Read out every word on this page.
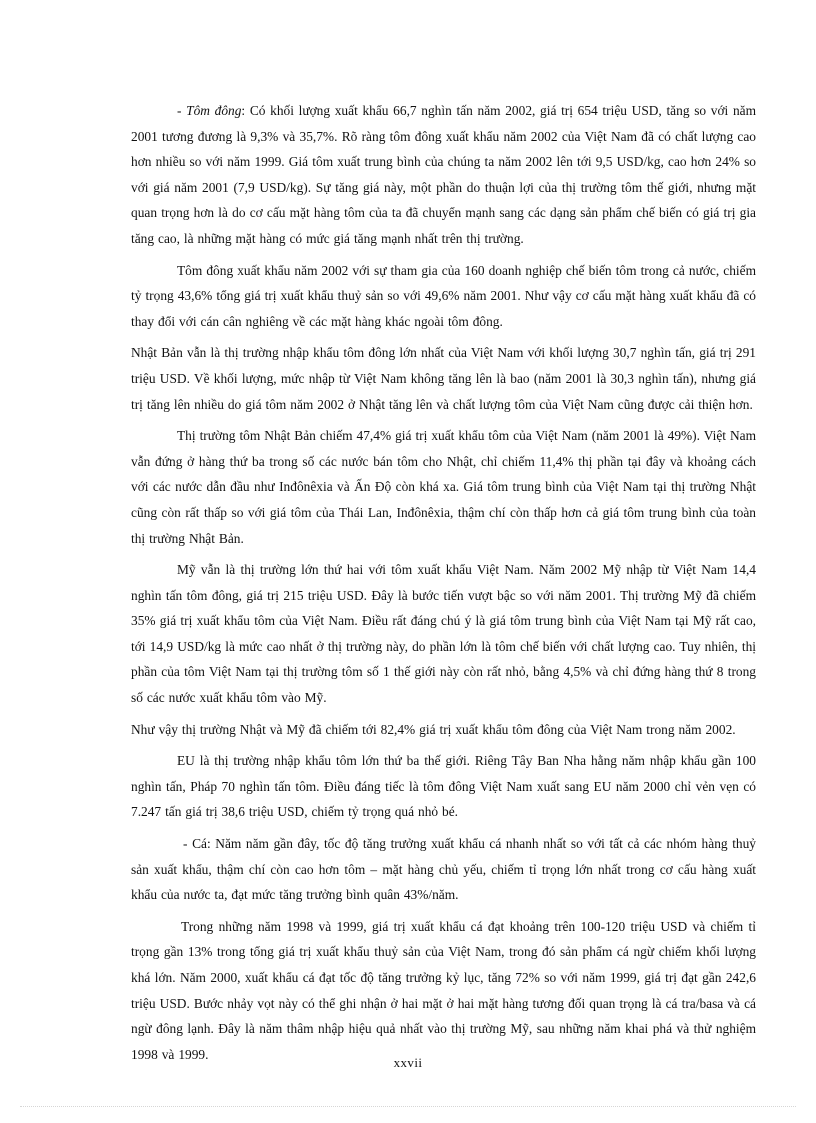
- Tôm đông: Có khối lượng xuất khẩu 66,7 nghìn tấn năm 2002, giá trị 654 triệu USD, tăng so với năm 2001 tương đương là 9,3% và 35,7%. Rõ ràng tôm đông xuất khẩu năm 2002 của Việt Nam đã có chất lượng cao hơn nhiều so với năm 1999. Giá tôm xuất trung bình của chúng ta năm 2002 lên tới 9,5 USD/kg, cao hơn 24% so với giá năm 2001 (7,9 USD/kg). Sự tăng giá này, một phần do thuận lợi của thị trường tôm thế giới, nhưng mặt quan trọng hơn là do cơ cấu mặt hàng tôm của ta đã chuyển mạnh sang các dạng sản phẩm chế biến có giá trị gia tăng cao, là những mặt hàng có mức giá tăng mạnh nhất trên thị trường.

Tôm đông xuất khẩu năm 2002 với sự tham gia của 160 doanh nghiệp chế biến tôm trong cả nước, chiếm tỷ trọng 43,6% tổng giá trị xuất khẩu thuỷ sản so với 49,6% năm 2001. Như vậy cơ cấu mặt hàng xuất khẩu đã có thay đổi với cán cân nghiêng về các mặt hàng khác ngoài tôm đông.

Nhật Bản vẫn là thị trường nhập khẩu tôm đông lớn nhất của Việt Nam với khối lượng 30,7 nghìn tấn, giá trị 291 triệu USD. Về khối lượng, mức nhập từ Việt Nam không tăng lên là bao (năm 2001 là 30,3 nghìn tấn), nhưng giá trị tăng lên nhiều do giá tôm năm 2002 ở Nhật tăng lên và chất lượng tôm của Việt Nam cũng được cải thiện hơn.

Thị trường tôm Nhật Bản chiếm 47,4% giá trị xuất khẩu tôm của Việt Nam (năm 2001 là 49%). Việt Nam vẫn đứng ở hàng thứ ba trong số các nước bán tôm cho Nhật, chỉ chiếm 11,4% thị phần tại đây và khoảng cách với các nước dẫn đầu như Inđônêxia và Ấn Độ còn khá xa. Giá tôm trung bình của Việt Nam tại thị trường Nhật cũng còn rất thấp so với giá tôm của Thái Lan, Inđônêxia, thậm chí còn thấp hơn cả giá tôm trung bình của toàn thị trường Nhật Bản.

Mỹ vẫn là thị trường lớn thứ hai với tôm xuất khẩu Việt Nam. Năm 2002 Mỹ nhập từ Việt Nam 14,4 nghìn tấn tôm đông, giá trị 215 triệu USD. Đây là bước tiến vượt bậc so với năm 2001. Thị trường Mỹ đã chiếm 35% giá trị xuất khẩu tôm của Việt Nam. Điều rất đáng chú ý là giá tôm trung bình của Việt Nam tại Mỹ rất cao, tới 14,9 USD/kg là mức cao nhất ở thị trường này, do phần lớn là tôm chế biến với chất lượng cao. Tuy nhiên, thị phần của tôm Việt Nam tại thị trường tôm số 1 thế giới này còn rất nhỏ, bằng 4,5% và chỉ đứng hàng thứ 8 trong số các nước xuất khẩu tôm vào Mỹ.

Như vậy thị trường Nhật và Mỹ đã chiếm tới 82,4% giá trị xuất khẩu tôm đông của Việt Nam trong năm 2002.

EU là thị trường nhập khẩu tôm lớn thứ ba thế giới. Riêng Tây Ban Nha hằng năm nhập khẩu gần 100 nghìn tấn, Pháp 70 nghìn tấn tôm. Điều đáng tiếc là tôm đông Việt Nam xuất sang EU năm 2000 chỉ vẻn vẹn có 7.247 tấn giá trị 38,6 triệu USD, chiếm tỷ trọng quá nhỏ bé.

- Cá: Năm năm gần đây, tốc độ tăng trưởng xuất khẩu cá nhanh nhất so với tất cả các nhóm hàng thuỷ sản xuất khẩu, thậm chí còn cao hơn tôm – mặt hàng chủ yếu, chiếm tỉ trọng lớn nhất trong cơ cấu hàng xuất khẩu của nước ta, đạt mức tăng trưởng bình quân 43%/năm.

Trong những năm 1998 và 1999, giá trị xuất khẩu cá đạt khoảng trên 100-120 triệu USD và chiếm tỉ trọng gần 13% trong tổng giá trị xuất khẩu thuỷ sản của Việt Nam, trong đó sản phẩm cá ngừ chiếm khối lượng khá lớn. Năm 2000, xuất khẩu cá đạt tốc độ tăng trưởng kỷ lục, tăng 72% so với năm 1999, giá trị đạt gần 242,6 triệu USD. Bước nhảy vọt này có thể ghi nhận ở hai mặt ở hai mặt hàng tương đối quan trọng là cá tra/basa và cá ngừ đông lạnh. Đây là năm thâm nhập hiệu quả nhất vào thị trường Mỹ, sau những năm khai phá và thử nghiệm 1998 và 1999.

xxvii
